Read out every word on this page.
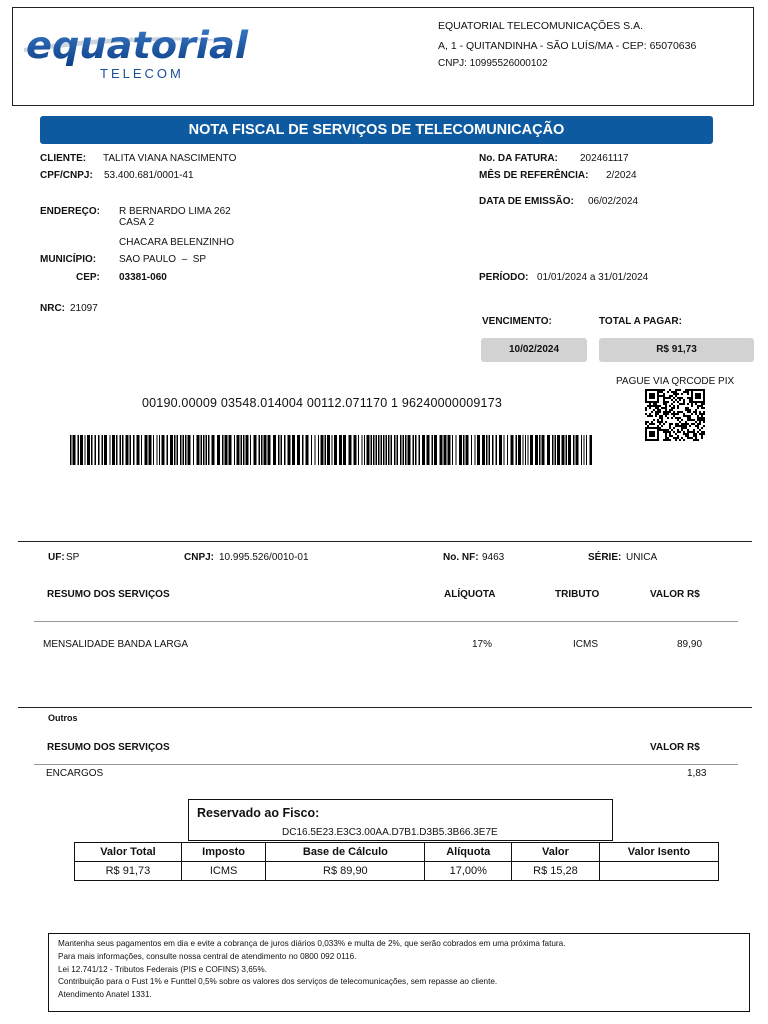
equatorial
TELECOM
EQUATORIAL TELECOMUNICAÇÕES S.A.
A, 1 - QUITANDINHA - SÃO LUÍS/MA - CEP: 65070636
CNPJ: 10995526000102
NOTA FISCAL DE SERVIÇOS DE TELECOMUNICAÇÃO
CLIENTE: TALITA VIANA NASCIMENTO
CPF/CNPJ: 53.400.681/0001-41
ENDEREÇO: R BERNARDO LIMA 262
CASA 2
CHACARA BELENZINHO
MUNICÍPIO: SAO PAULO  –  SP
CEP: 03381-060
NRC: 21097
No. DA FATURA: 202461117
MÊS DE REFERÊNCIA: 2/2024
DATA DE EMISSÃO: 06/02/2024
PERÍODO: 01/01/2024 a 31/01/2024
VENCIMENTO:	TOTAL A PAGAR:
10/02/2024	R$ 91,73
PAGUE VIA QRCODE PIX
00190.00009 03548.014004 00112.071170 1 96240000009173
UF: SP	CNPJ: 10.995.526/0010-01	No. NF: 9463	SÉRIE: UNICA
RESUMO DOS SERVIÇOS	ALÍQUOTA	TRIBUTO	VALOR R$
MENSALIDADE BANDA LARGA	17%	ICMS	89,90
Outros
RESUMO DOS SERVIÇOS	VALOR R$
ENCARGOS	1,83
Reservado ao Fisco:
DC16.5E23.E3C3.00AA.D7B1.D3B5.3B66.3E7E
Valor Total	Imposto	Base de Cálculo	Alíquota	Valor	Valor Isento
R$ 91,73	ICMS	R$ 89,90	17,00%	R$ 15,28	
Mantenha seus pagamentos em dia e evite a cobrança de juros diários 0,033% e multa de 2%, que serão cobrados em uma próxima fatura.
Para mais informações, consulte nossa central de atendimento no 0800 092 0116.
Lei 12.741/12 - Tributos Federais (PIS e COFINS) 3,65%.
Contribuição para o Fust 1% e Funttel 0,5% sobre os valores dos serviços de telecomunicações, sem repasse ao cliente.
Atendimento Anatel 1331.
